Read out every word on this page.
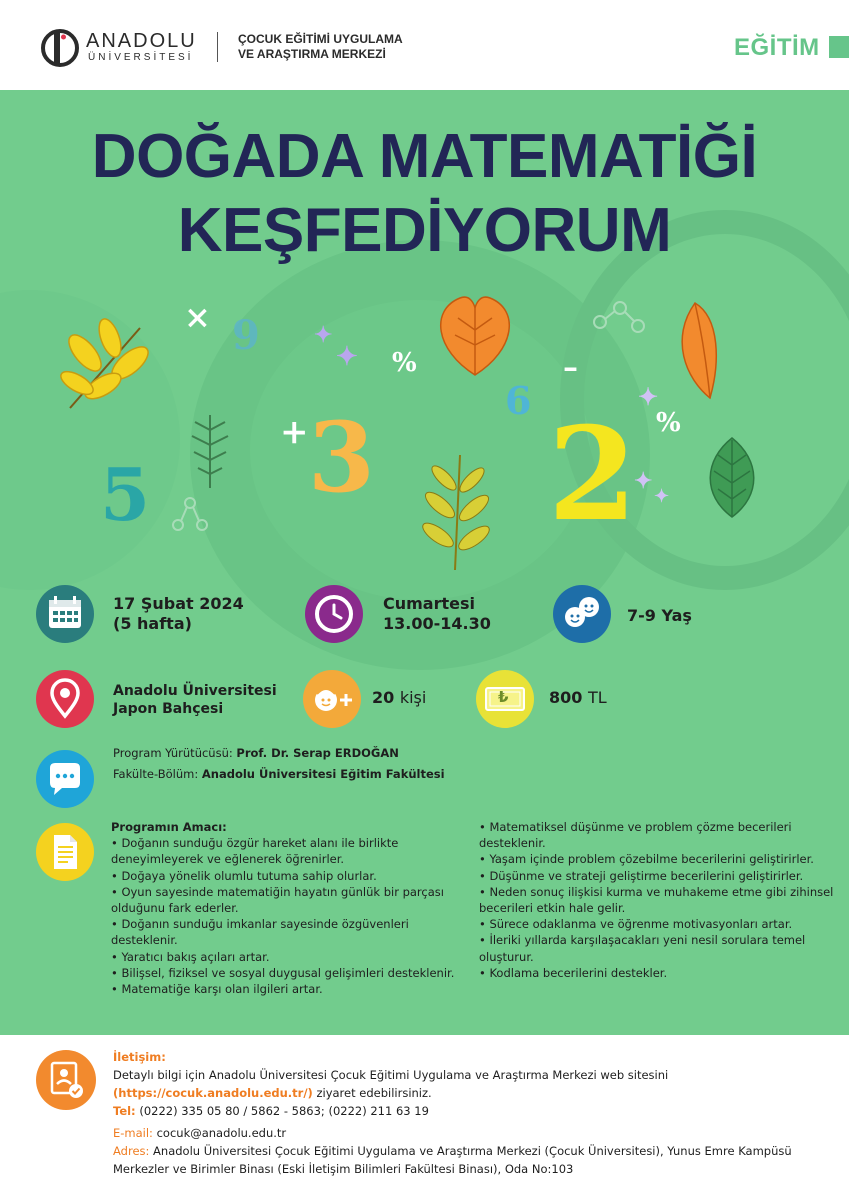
ANADOLU
ÜNİVERSİTESİ
ÇOCUK EĞİTİMİ UYGULAMA
VE ARAŞTIRMA MERKEZİ	EĞİTİM
DOĞADA MATEMATİĞİ
KEŞFEDİYORUM
× 9 ✦
✦ %	–
6	✦
%
+ 3
5	2
✦
✦
17 Şubat 2024
(5 hafta)
Cumartesi
13.00-14.30	7-9 Yaş
Anadolu Üniversitesi
Japon Bahçesi
20 kişi	₺	800 TL
Program Yürütücüsü: Prof. Dr. Serap ERDOĞAN
Fakülte-Bölüm: Anadolu Üniversitesi Eğitim Fakültesi
Programın Amacı:
• Doğanın sunduğu özgür hareket alanı ile birlikte
deneyimleyerek ve eğlenerek öğrenirler.
• Doğaya yönelik olumlu tutuma sahip olurlar.
• Oyun sayesinde matematiğin hayatın günlük bir parçası
olduğunu fark ederler.
• Doğanın sunduğu imkanlar sayesinde özgüvenleri
desteklenir.
• Yaratıcı bakış açıları artar.
• Bilişsel, fiziksel ve sosyal duygusal gelişimleri desteklenir.
• Matematiğe karşı olan ilgileri artar.
• Matematiksel düşünme ve problem çözme becerileri
desteklenir.
• Yaşam içinde problem çözebilme becerilerini geliştirirler.
• Düşünme ve strateji geliştirme becerilerini geliştirirler.
• Neden sonuç ilişkisi kurma ve muhakeme etme gibi zihinsel
becerileri etkin hale gelir.
• Sürece odaklanma ve öğrenme motivasyonları artar.
• İleriki yıllarda karşılaşacakları yeni nesil sorulara temel
oluşturur.
• Kodlama becerilerini destekler.
İletişim:
Detaylı bilgi için Anadolu Üniversitesi Çocuk Eğitimi Uygulama ve Araştırma Merkezi web sitesini
(https://cocuk.anadolu.edu.tr/) ziyaret edebilirsiniz.
Tel: (0222) 335 05 80 / 5862 - 5863; (0222) 211 63 19
E-mail: cocuk@anadolu.edu.tr
Adres: Anadolu Üniversitesi Çocuk Eğitimi Uygulama ve Araştırma Merkezi (Çocuk Üniversitesi), Yunus Emre Kampüsü
Merkezler ve Birimler Binası (Eski İletişim Bilimleri Fakültesi Binası), Oda No:103
